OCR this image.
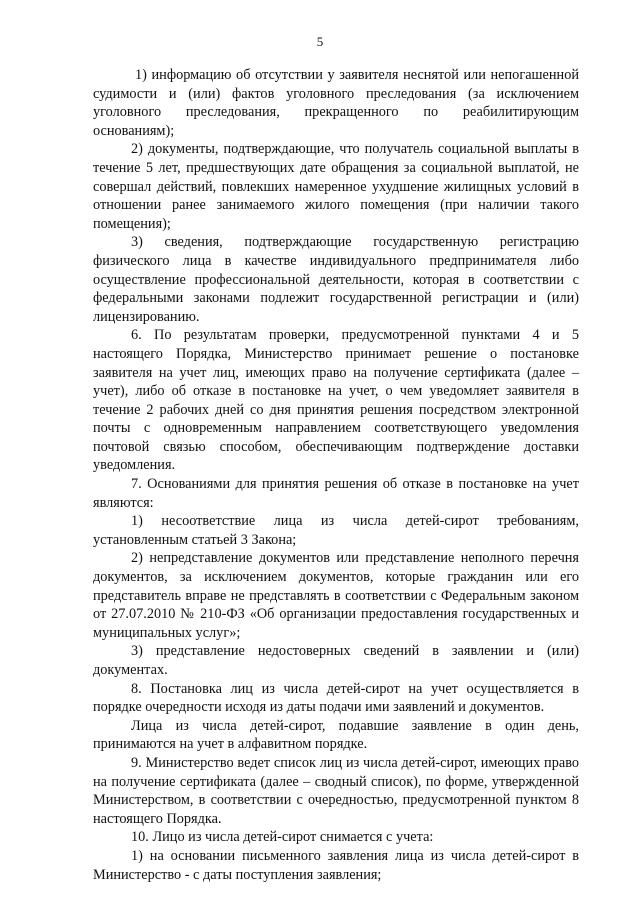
5

1) информацию об отсутствии у заявителя неснятой или непогашенной судимости и (или) фактов уголовного преследования (за исключением уголовного преследования, прекращенного по реабилитирующим основаниям);

2) документы, подтверждающие, что получатель социальной выплаты в течение 5 лет, предшествующих дате обращения за социальной выплатой, не совершал действий, повлекших намеренное ухудшение жилищных условий в отношении ранее занимаемого жилого помещения (при наличии такого помещения);

3) сведения, подтверждающие государственную регистрацию физического лица в качестве индивидуального предпринимателя либо осуществление профессиональной деятельности, которая в соответствии с федеральными законами подлежит государственной регистрации и (или) лицензированию.

6. По результатам проверки, предусмотренной пунктами 4 и 5 настоящего Порядка, Министерство принимает решение о постановке заявителя на учет лиц, имеющих право на получение сертификата (далее – учет), либо об отказе в постановке на учет, о чем уведомляет заявителя в течение 2 рабочих дней со дня принятия решения посредством электронной почты с одновременным направлением соответствующего уведомления почтовой связью способом, обеспечивающим подтверждение доставки уведомления.

7. Основаниями для принятия решения об отказе в постановке на учет являются:

1) несоответствие лица из числа детей-сирот требованиям, установленным статьей 3 Закона;

2) непредставление документов или представление неполного перечня документов, за исключением документов, которые гражданин или его представитель вправе не представлять в соответствии с Федеральным законом от 27.07.2010 № 210-ФЗ «Об организации предоставления государственных и муниципальных услуг»;

3) представление недостоверных сведений в заявлении и (или) документах.

8. Постановка лиц из числа детей-сирот на учет осуществляется в порядке очередности исходя из даты подачи ими заявлений и документов.

Лица из числа детей-сирот, подавшие заявление в один день, принимаются на учет в алфавитном порядке.

9. Министерство ведет список лиц из числа детей-сирот, имеющих право на получение сертификата (далее – сводный список), по форме, утвержденной Министерством, в соответствии с очередностью, предусмотренной пунктом 8 настоящего Порядка.

10. Лицо из числа детей-сирот снимается с учета:

1) на основании письменного заявления лица из числа детей-сирот в Министерство - с даты поступления заявления;
